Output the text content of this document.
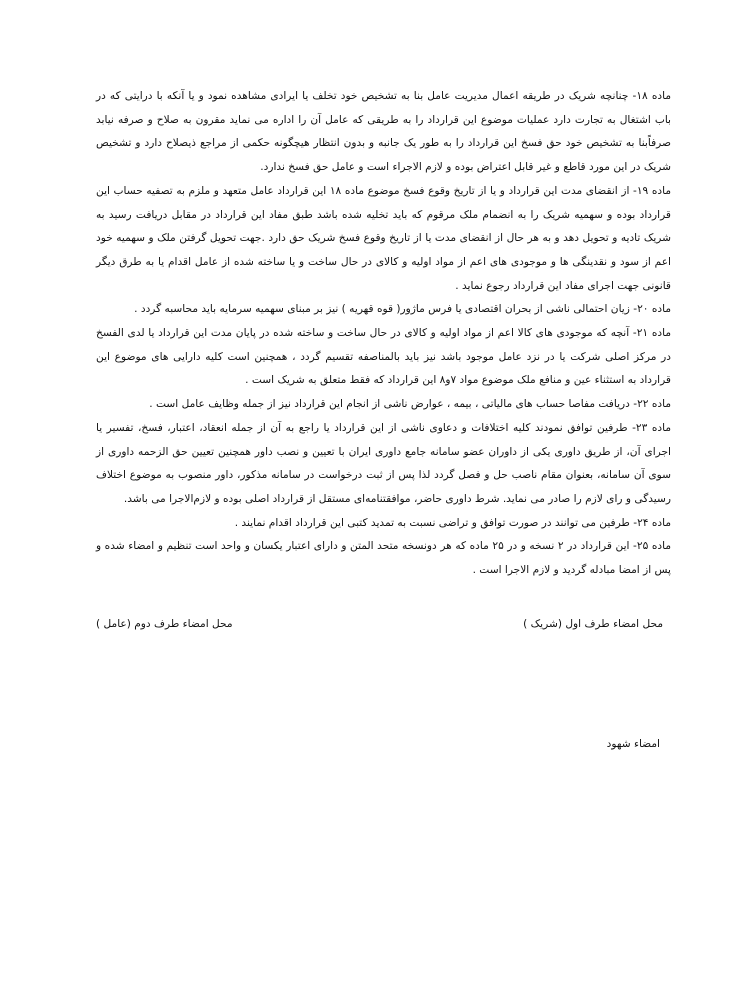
ماده ۱۸- چنانچه شریک در طریقه اعمال مدیریت عامل بنا به تشخیص خود تخلف یا ایرادی مشاهده نمود و یا آنکه با درایتی که در باب اشتغال به تجارت دارد عملیات موضوع این قرارداد را به طریقی که عامل آن را اداره می نماید مقرون به صلاح و صرفه نیابد صرفاًبنا به تشخیص خود حق فسخ این قرارداد را به طور یک جانبه و بدون انتظار هیچگونه حکمی از مراجع ذیصلاح دارد و تشخیص شریک در این مورد قاطع و غیر قابل اعتراض بوده و لازم الاجراء است و عامل حق فسخ ندارد.

ماده ۱۹- از انقضای مدت این قرارداد و یا از تاریخ وقوع فسخ موضوع ماده ۱۸ این قرارداد عامل متعهد و ملزم به تصفیه حساب این قرارداد بوده و سهمیه شریک را به انضمام ملک مرقوم که باید تخلیه شده باشد طبق مفاد این قرارداد در مقابل دریافت رسید به شریک تادیه و تحویل دهد و به هر حال از انقضای مدت یا از تاریخ وقوع فسخ شریک حق دارد .جهت تحویل گرفتن ملک و سهمیه خود اعم از سود و نقدینگی ها و موجودی های اعم از مواد اولیه و کالای در حال ساخت و یا ساخته شده از عامل اقدام یا به طرق دیگر قانونی جهت اجرای مفاد این قرارداد رجوع نماید .

ماده ۲۰- زیان احتمالی ناشی از بحران اقتصادی یا فرس ماژور( قوه قهریه ) نیز بر مبنای سهمیه سرمایه باید محاسبه گردد .

ماده ۲۱- آنچه که موجودی های کالا اعم از مواد اولیه و کالای در حال ساخت و ساخته شده در پایان مدت این قرارداد یا لدی الفسخ در مرکز اصلی شرکت یا در نزد عامل موجود باشد نیز باید بالمناصفه تقسیم گردد ، همچنین است کلیه دارایی های موضوع این قرارداد به استثناء عین و منافع ملک موضوع مواد ۷و۸ این قرارداد که فقط متعلق به شریک است .

ماده ۲۲- دریافت مفاصا حساب های مالیاتی ، بیمه ، عوارض ناشی از انجام این قرارداد نیز از جمله وظایف عامل است .

ماده ۲۳- طرفین توافق نمودند کلیه اختلافات و دعاوی ناشی از این قرارداد یا راجع به آن از جمله انعقاد، اعتبار، فسخ، تفسیر یا اجرای آن، از طریق داوری یکی از داوران عضو سامانه جامع داوری ایران با تعیین و نصب داور همچنین تعیین حق الزحمه داوری از سوی آن سامانه، بعنوان مقام ناصب حل و فصل گردد لذا پس از ثبت درخواست در سامانه مذکور، داور منصوب به موضوع اختلاف رسیدگی و رای لازم را صادر می نماید. شرط داوری حاضر، موافقتنامه‌ای مستقل از قرارداد اصلی بوده و لازم‌الاجرا می باشد.

ماده ۲۴- طرفین می توانند در صورت توافق و تراضی نسبت به تمدید کتبی این قرارداد اقدام نمایند .

ماده ۲۵- این قرارداد در ۲ نسخه و در ۲۵ ماده که هر دونسخه متحد المتن و دارای اعتبار یکسان و واحد است تنظیم و امضاء شده و پس از امضا مبادله گردید و لازم الاجرا است .

محل امضاء طرف اول (شریک )
محل امضاء طرف دوم (عامل )
امضاء شهود
